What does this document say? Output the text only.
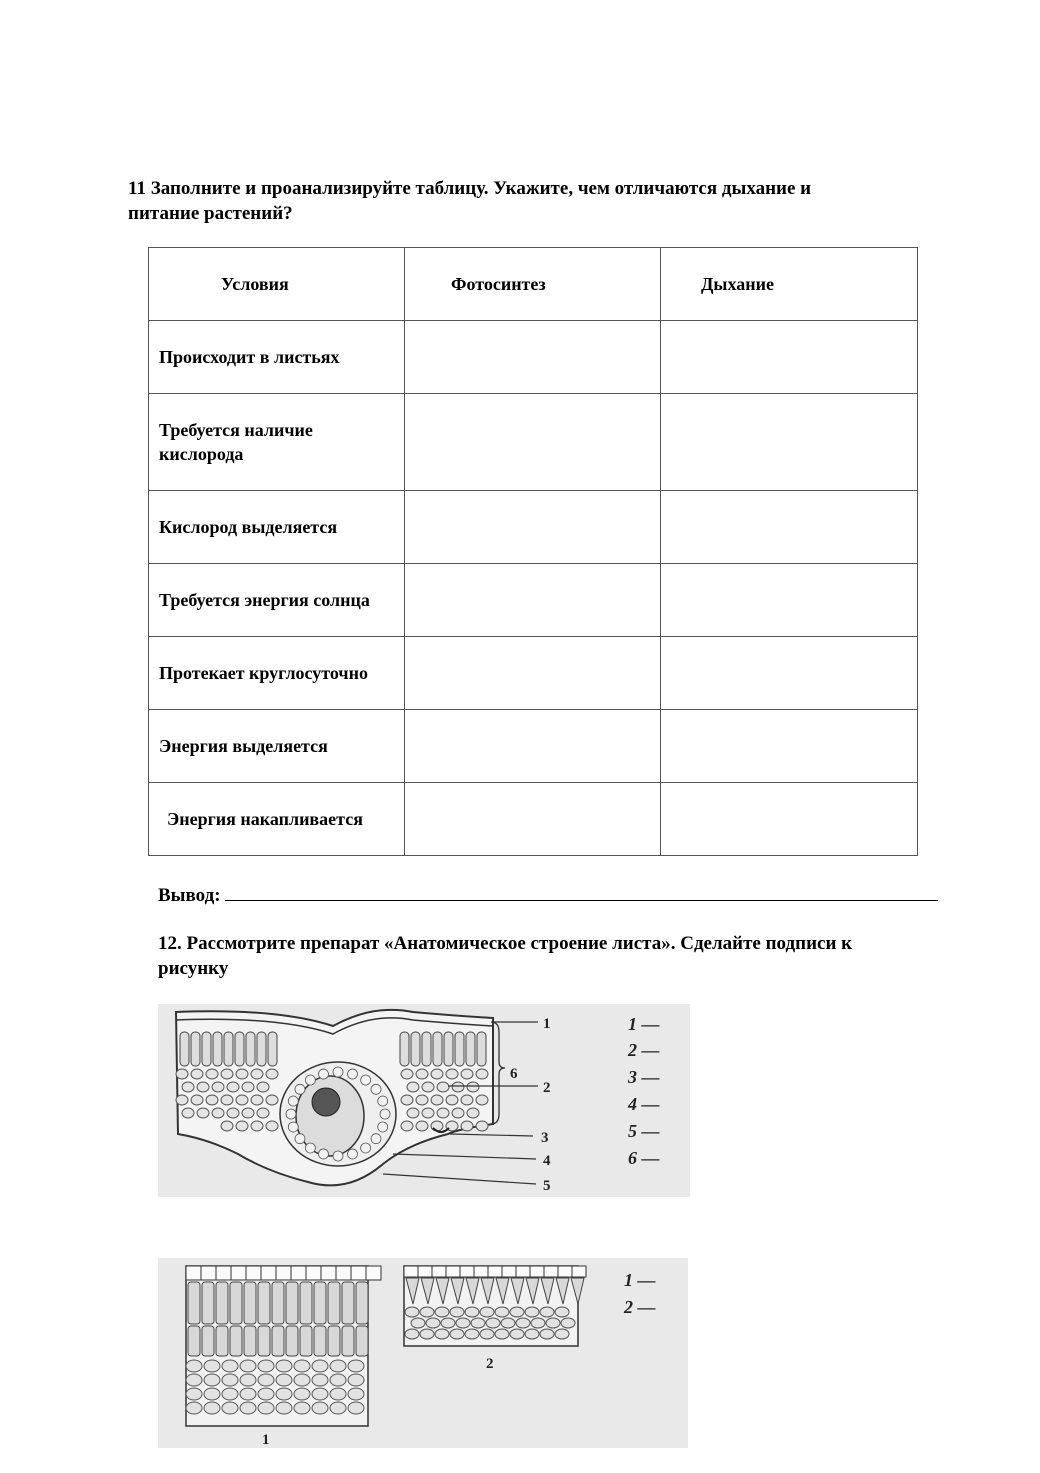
11 Заполните и проанализируйте таблицу. Укажите, чем отличаются дыхание и
питание растений?
Условия	Фотосинтез	Дыхание
Происходит в листьях		
Требуется наличие кислорода		
Кислород выделяется		
Требуется энергия солнца		
Протекает круглосуточно		
Энергия выделяется		
Энергия накапливается		
Вывод:
12. Рассмотрите препарат «Анатомическое строение листа». Сделайте подписи к
рисунку
1
2
3
4
5
6
1 —
2 —
3 —
4 —
5 —
6 —
1
2
1 —
2 —
